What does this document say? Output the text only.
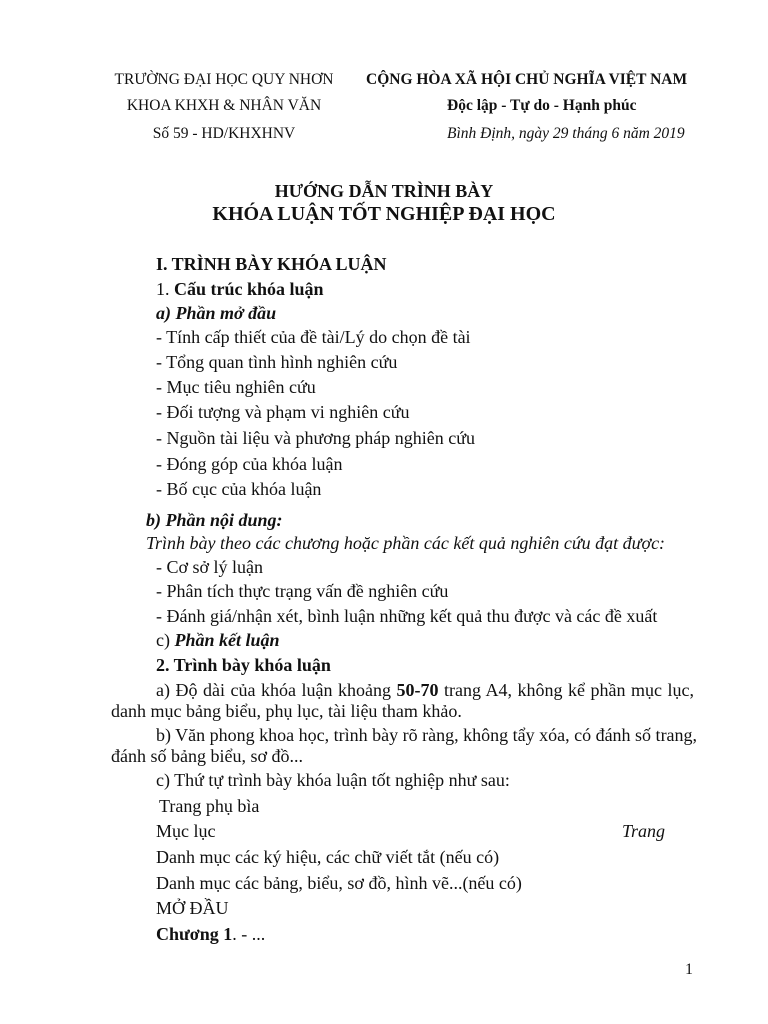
TRƯỜNG ĐẠI HỌC QUY NHƠN
KHOA KHXH & NHÂN VĂN
Số 59 - HD/KHXHNV
CỘNG HÒA XÃ HỘI CHỦ NGHĨA VIỆT NAM
Độc lập - Tự do - Hạnh phúc
Bình Định, ngày 29 tháng 6 năm 2019
HƯỚNG DẪN TRÌNH BÀY
KHÓA LUẬN TỐT NGHIỆP ĐẠI HỌC
I. TRÌNH BÀY KHÓA LUẬN
1. Cấu trúc khóa luận
a) Phần mở đầu
- Tính cấp thiết của đề tài/Lý do chọn đề tài
- Tổng quan tình hình nghiên cứu
- Mục tiêu nghiên cứu
- Đối tượng và phạm vi nghiên cứu
- Nguồn tài liệu và phương pháp nghiên cứu
- Đóng góp của khóa luận
- Bố cục của khóa luận
b) Phần nội dung:
Trình bày theo các chương hoặc phần các kết quả nghiên cứu đạt được:
- Cơ sở lý luận
- Phân tích thực trạng vấn đề nghiên cứu
- Đánh giá/nhận xét, bình luận những kết quả thu được và các đề xuất
c) Phần kết luận
2. Trình bày khóa luận
a) Độ dài của khóa luận khoảng 50-70 trang A4, không kể phần mục lục,
danh mục bảng biểu, phụ lục, tài liệu tham khảo.
b) Văn phong khoa học, trình bày rõ ràng, không tẩy xóa, có đánh số trang,
đánh số bảng biểu, sơ đồ...
c) Thứ tự trình bày khóa luận tốt nghiệp như sau:
Trang phụ bìa
Mục lục	Trang
Danh mục các ký hiệu, các chữ viết tắt (nếu có)
Danh mục các bảng, biểu, sơ đồ, hình vẽ...(nếu có)
MỞ ĐẦU
Chương 1. - ...
1
